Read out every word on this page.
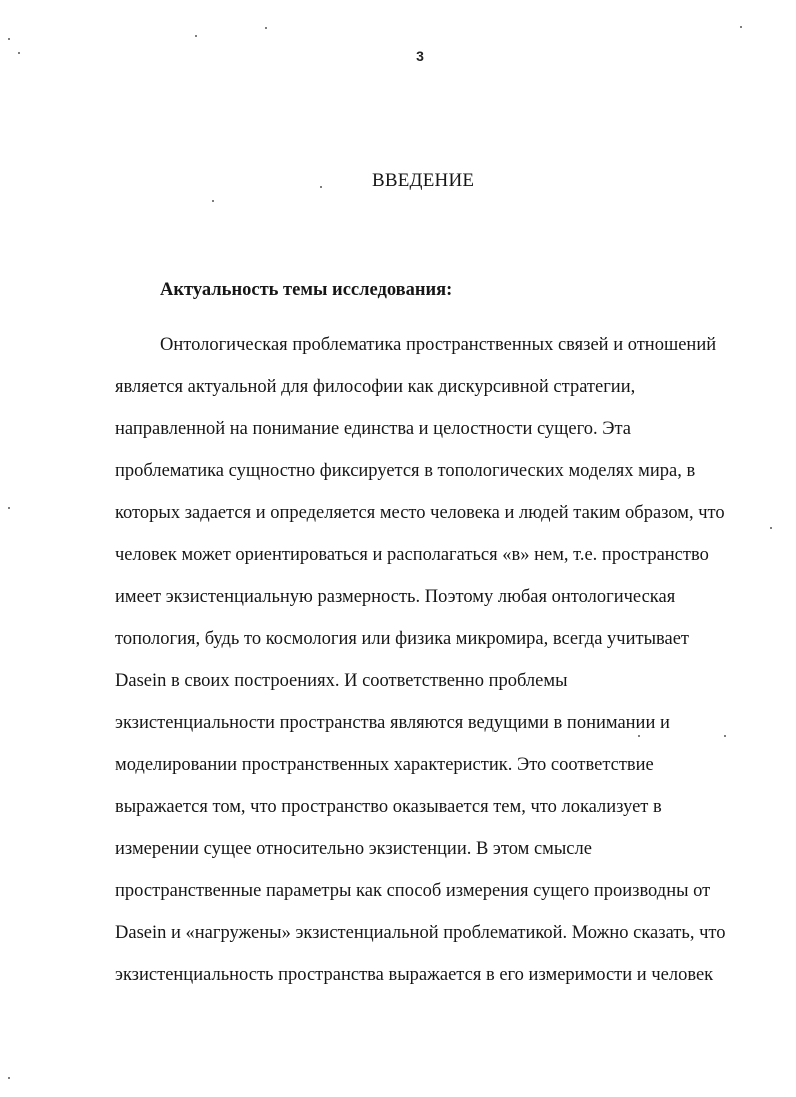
3
ВВЕДЕНИЕ
Актуальность темы исследования:
Онтологическая проблематика пространственных связей и отношений
является актуальной для философии как дискурсивной стратегии,
направленной на понимание единства и целостности сущего. Эта
проблематика сущностно фиксируется в топологических моделях мира, в
которых задается и определяется место человека и людей таким образом, что
человек может ориентироваться и располагаться «в» нем, т.е. пространство
имеет экзистенциальную размерность. Поэтому любая онтологическая
топология, будь то космология или физика микромира, всегда учитывает
Dasein в своих построениях. И соответственно проблемы
экзистенциальности пространства являются ведущими в понимании и
моделировании пространственных характеристик. Это соответствие
выражается том, что пространство оказывается тем, что локализует в
измерении сущее относительно экзистенции. В этом смысле
пространственные параметры как способ измерения сущего производны от
Dasein и «нагружены» экзистенциальной проблематикой. Можно сказать, что
экзистенциальность пространства выражается в его измеримости и человек
